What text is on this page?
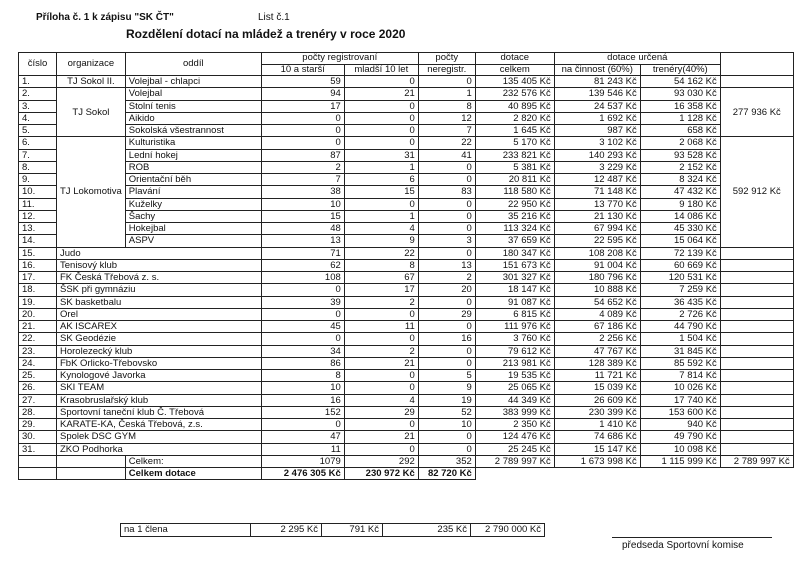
Příloha č. 1 k zápisu "SK ČT"	List č.1
Rozdělení dotací na mládež a trenéry v roce 2020
číslo	organizace	oddíl	počty registrovaní		počty	dotace	dotace určená		
			10 a starší	mladší 10 let	neregistr.	celkem	na činnost (60%)	trenéry(40%)	
1.	TJ Sokol II.	Volejbal - chlapci	59	0	0	135 405 Kč	81 243 Kč	54 162 Kč	
2.	TJ Sokol	Volejbal	94	21	1	232 576 Kč	139 546 Kč	93 030 Kč	277 936 Kč
3.		Stolní tenis	17	0	8	40 895 Kč	24 537 Kč	16 358 Kč	
4.		Aikido	0	0	12	2 820 Kč	1 692 Kč	1 128 Kč	
5.		Sokolská všestrannost	0	0	7	1 645 Kč	987 Kč	658 Kč	
6.	TJ Lokomotiva	Kulturistika	0	0	22	5 170 Kč	3 102 Kč	2 068 Kč	592 912 Kč
7.		Lední hokej	87	31	41	233 821 Kč	140 293 Kč	93 528 Kč	
8.		ROB	2	1	0	5 381 Kč	3 229 Kč	2 152 Kč	
9.		Orientační běh	7	6	0	20 811 Kč	12 487 Kč	8 324 Kč	
10.		Plavání	38	15	83	118 580 Kč	71 148 Kč	47 432 Kč	
11.		Kuželky	10	0	0	22 950 Kč	13 770 Kč	9 180 Kč	
12.		Šachy	15	1	0	35 216 Kč	21 130 Kč	14 086 Kč	
13.		Hokejbal	48	4	0	113 324 Kč	67 994 Kč	45 330 Kč	
14.		ASPV	13	9	3	37 659 Kč	22 595 Kč	15 064 Kč	
15.	Judo		71	22	0	180 347 Kč	108 208 Kč	72 139 Kč	
16.	Tenisový klub		62	8	13	151 673 Kč	91 004 Kč	60 669 Kč	
17.	FK Česká Třebová z. s.		108	67	2	301 327 Kč	180 796 Kč	120 531 Kč	
18.	ŠSK při gymnáziu		0	17	20	18 147 Kč	10 888 Kč	7 259 Kč	
19.	SK basketbalu		39	2	0	91 087 Kč	54 652 Kč	36 435 Kč	
20.	Orel		0	0	29	6 815 Kč	4 089 Kč	2 726 Kč	
21.	AK ISCAREX		45	11	0	111 976 Kč	67 186 Kč	44 790 Kč	
22.	SK Geodézie		0	0	16	3 760 Kč	2 256 Kč	1 504 Kč	
23.	Horolezecký klub		34	2	0	79 612 Kč	47 767 Kč	31 845 Kč	
24.	FbK Orlicko-Třebovsko		86	21	0	213 981 Kč	128 389 Kč	85 592 Kč	
25.	Kynologové Javorka		8	0	5	19 535 Kč	11 721 Kč	7 814 Kč	
26.	SKI TEAM		10	0	9	25 065 Kč	15 039 Kč	10 026 Kč	
27.	Krasobruslařský klub		16	4	19	44 349 Kč	26 609 Kč	17 740 Kč	
28.	Sportovní taneční klub Č. Třebová		152	29	52	383 999 Kč	230 399 Kč	153 600 Kč	
29.	KARATE-KA, Česká Třebová, z.s.		0	0	10	2 350 Kč	1 410 Kč	940 Kč	
30.	Spolek DSC GYM		47	21	0	124 476 Kč	74 686 Kč	49 790 Kč	
31.	ZKO Podhorka		11	0	0	25 245 Kč	15 147 Kč	10 098 Kč	
		Celkem:	1079	292	352	2 789 997 Kč	1 673 998 Kč	1 115 999 Kč	2 789 997 Kč
		Celkem dotace	2 476 305 Kč	230 972 Kč	82 720 Kč				
na 1 člena	2 295 Kč	791 Kč	235 Kč	2 790 000 Kč
předseda Sportovní komise
